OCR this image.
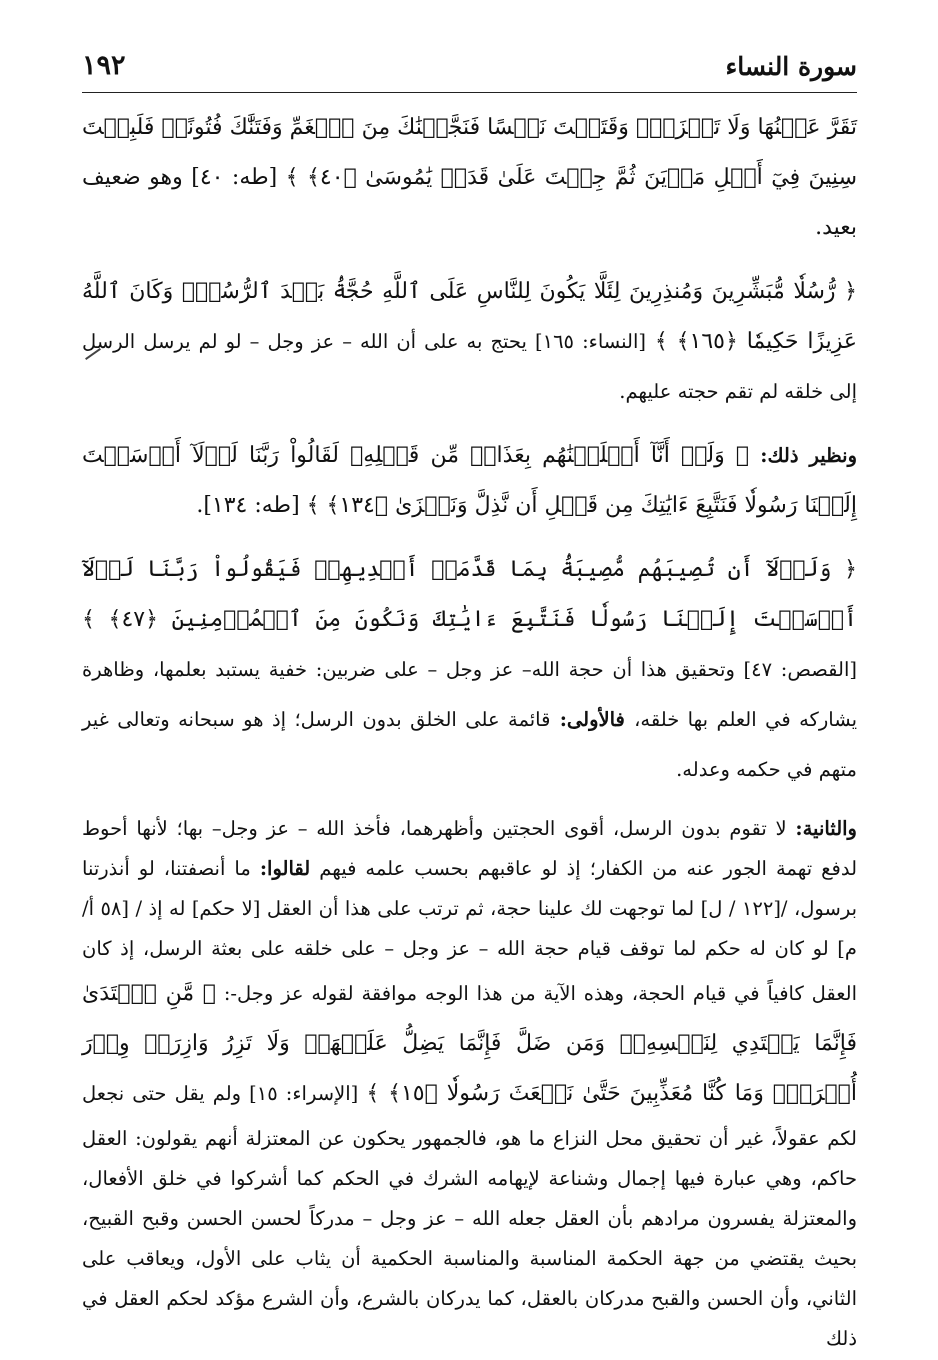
سورة النساء
١٩٢

تَقَرَّ عَيۡنُهَا وَلَا تَحۡزَنَۚ وَقَتَلۡتَ نَفۡسًا فَنَجَّيۡنَٰكَ مِنَ ٱلۡغَمِّ وَفَتَنَّٰكَ فُتُونًاۚ فَلَبِثۡتَ سِنِينَ فِيٓ أَهۡلِ مَدۡيَنَ ثُمَّ جِئۡتَ عَلَىٰ قَدَرٖ يَٰمُوسَىٰ ﴿٤٠﴾ ﴾ [طه: ٤٠] وهو ضعيف بعيد.

﴿ رُّسُلٗا مُّبَشِّرِينَ وَمُنذِرِينَ لِئَلَّا يَكُونَ لِلنَّاسِ عَلَى ٱللَّهِ حُجَّةُۢ بَعۡدَ ٱلرُّسُلِۚ وَكَانَ ٱللَّهُ عَزِيزًا حَكِيمٗا ﴿١٦٥﴾ ﴾ [النساء: ١٦٥] يحتج به على أن الله – عز وجل – لو لم يرسل الرسل إلى خلقه لم تقم حجته عليهم.

ونظير ذلك: ﴿ وَلَوۡ أَنَّآ أَهۡلَكۡنَٰهُم بِعَذَابٖ مِّن قَبۡلِهِۦ لَقَالُواْ رَبَّنَا لَوۡلَآ أَرۡسَلۡتَ إِلَيۡنَا رَسُولٗا فَنَتَّبِعَ ءَايَٰتِكَ مِن قَبۡلِ أَن نَّذِلَّ وَنَخۡزَىٰ ﴿١٣٤﴾ ﴾ [طه: ١٣٤].

﴿ وَلَوۡلَآ أَن تُصِيبَهُم مُّصِيبَةُۢ بِمَا قَدَّمَتۡ أَيۡدِيهِمۡ فَيَقُولُواْ رَبَّنَا لَوۡلَآ أَرۡسَلۡتَ إِلَيۡنَا رَسُولٗا فَنَتَّبِعَ ءَايَٰتِكَ وَنَكُونَ مِنَ ٱلۡمُؤۡمِنِينَ ﴿٤٧﴾ ﴾ [القصص: ٤٧] وتحقيق هذا أن حجة الله– عز وجل – على ضربين: خفية يستبد بعلمها، وظاهرة يشاركه في العلم بها خلقه، فالأولى: قائمة على الخلق بدون الرسل؛ إذ هو سبحانه وتعالى غير متهم في حكمه وعدله.

والثانية: لا تقوم بدون الرسل، أقوى الحجتين وأظهرهما، فأخذ الله – عز وجل– بها؛ لأنها أحوط لدفع تهمة الجور عنه من الكفار؛ إذ لو عاقبهم بحسب علمه فيهم لقالوا: ما أنصفتنا، لو أنذرتنا برسول، /[١٢٢ / ل] لما توجهت لك علينا حجة، ثم ترتب على هذا أن العقل [لا حكم] له إذ / [٥٨ أ/ م] لو كان له حكم لما توقف قيام حجة الله – عز وجل – على خلقه على بعثة الرسل، إذ كان العقل كافياً في قيام الحجة، وهذه الآية من هذا الوجه موافقة لقوله عز وجل-: ﴿ مَّنِ ٱهۡتَدَىٰ فَإِنَّمَا يَهۡتَدِي لِنَفۡسِهِۦۖ وَمَن ضَلَّ فَإِنَّمَا يَضِلُّ عَلَيۡهَاۚ وَلَا تَزِرُ وَازِرَةٞ وِزۡرَ أُخۡرَىٰۗ وَمَا كُنَّا مُعَذِّبِينَ حَتَّىٰ نَبۡعَثَ رَسُولٗا ﴿١٥﴾ ﴾ [الإسراء: ١٥] ولم يقل حتى نجعل لكم عقولاً، غير أن تحقيق محل النزاع ما هو، فالجمهور يحكون عن المعتزلة أنهم يقولون: العقل حاكم، وهي عبارة فيها إجمال وشناعة لإيهامه الشرك في الحكم كما أشركوا في خلق الأفعال، والمعتزلة يفسرون مرادهم بأن العقل جعله الله – عز وجل – مدركاً لحسن الحسن وقبح القبيح، بحيث يقتضي من جهة الحكمة المناسبة والمناسبة الحكمية أن يثاب على الأول، ويعاقب على الثاني، وأن الحسن والقبح مدركان بالعقل، كما يدركان بالشرع، وأن الشرع مؤكد لحكم العقل في ذلك
